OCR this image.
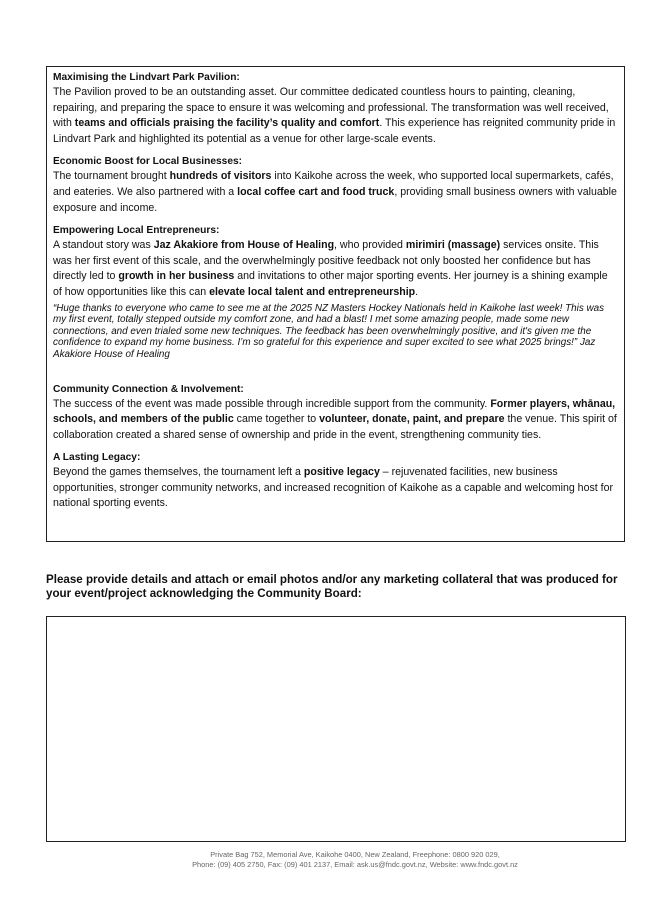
Maximising the Lindvart Park Pavilion:

The Pavilion proved to be an outstanding asset. Our committee dedicated countless hours to painting, cleaning, repairing, and preparing the space to ensure it was welcoming and professional. The transformation was well received, with teams and officials praising the facility’s quality and comfort. This experience has reignited community pride in Lindvart Park and highlighted its potential as a venue for other large-scale events.

Economic Boost for Local Businesses:

The tournament brought hundreds of visitors into Kaikohe across the week, who supported local supermarkets, cafés, and eateries. We also partnered with a local coffee cart and food truck, providing small business owners with valuable exposure and income.

Empowering Local Entrepreneurs:

A standout story was Jaz Akakiore from House of Healing, who provided mirimiri (massage) services onsite. This was her first event of this scale, and the overwhelmingly positive feedback not only boosted her confidence but has directly led to growth in her business and invitations to other major sporting events. Her journey is a shining example of how opportunities like this can elevate local talent and entrepreneurship.

“Huge thanks to everyone who came to see me at the 2025 NZ Masters Hockey Nationals held in Kaikohe last week! This was my first event, totally stepped outside my comfort zone, and had a blast! I met some amazing people, made some new connections, and even trialed some new techniques. The feedback has been overwhelmingly positive, and it's given me the confidence to expand my home business. I’m so grateful for this experience and super excited to see what 2025 brings!” Jaz Akakiore House of Healing

Community Connection & Involvement:

The success of the event was made possible through incredible support from the community. Former players, whānau, schools, and members of the public came together to volunteer, donate, paint, and prepare the venue. This spirit of collaboration created a shared sense of ownership and pride in the event, strengthening community ties.

A Lasting Legacy:

Beyond the games themselves, the tournament left a positive legacy – rejuvenated facilities, new business opportunities, stronger community networks, and increased recognition of Kaikohe as a capable and welcoming host for national sporting events.

Please provide details and attach or email photos and/or any marketing collateral that was produced for your event/project acknowledging the Community Board:

Private Bag 752, Memorial Ave, Kaikohe 0400, New Zealand, Freephone: 0800 920 029,
Phone: (09) 405 2750, Fax: (09) 401 2137, Email: ask.us@fndc.govt.nz, Website: www.fndc.govt.nz
